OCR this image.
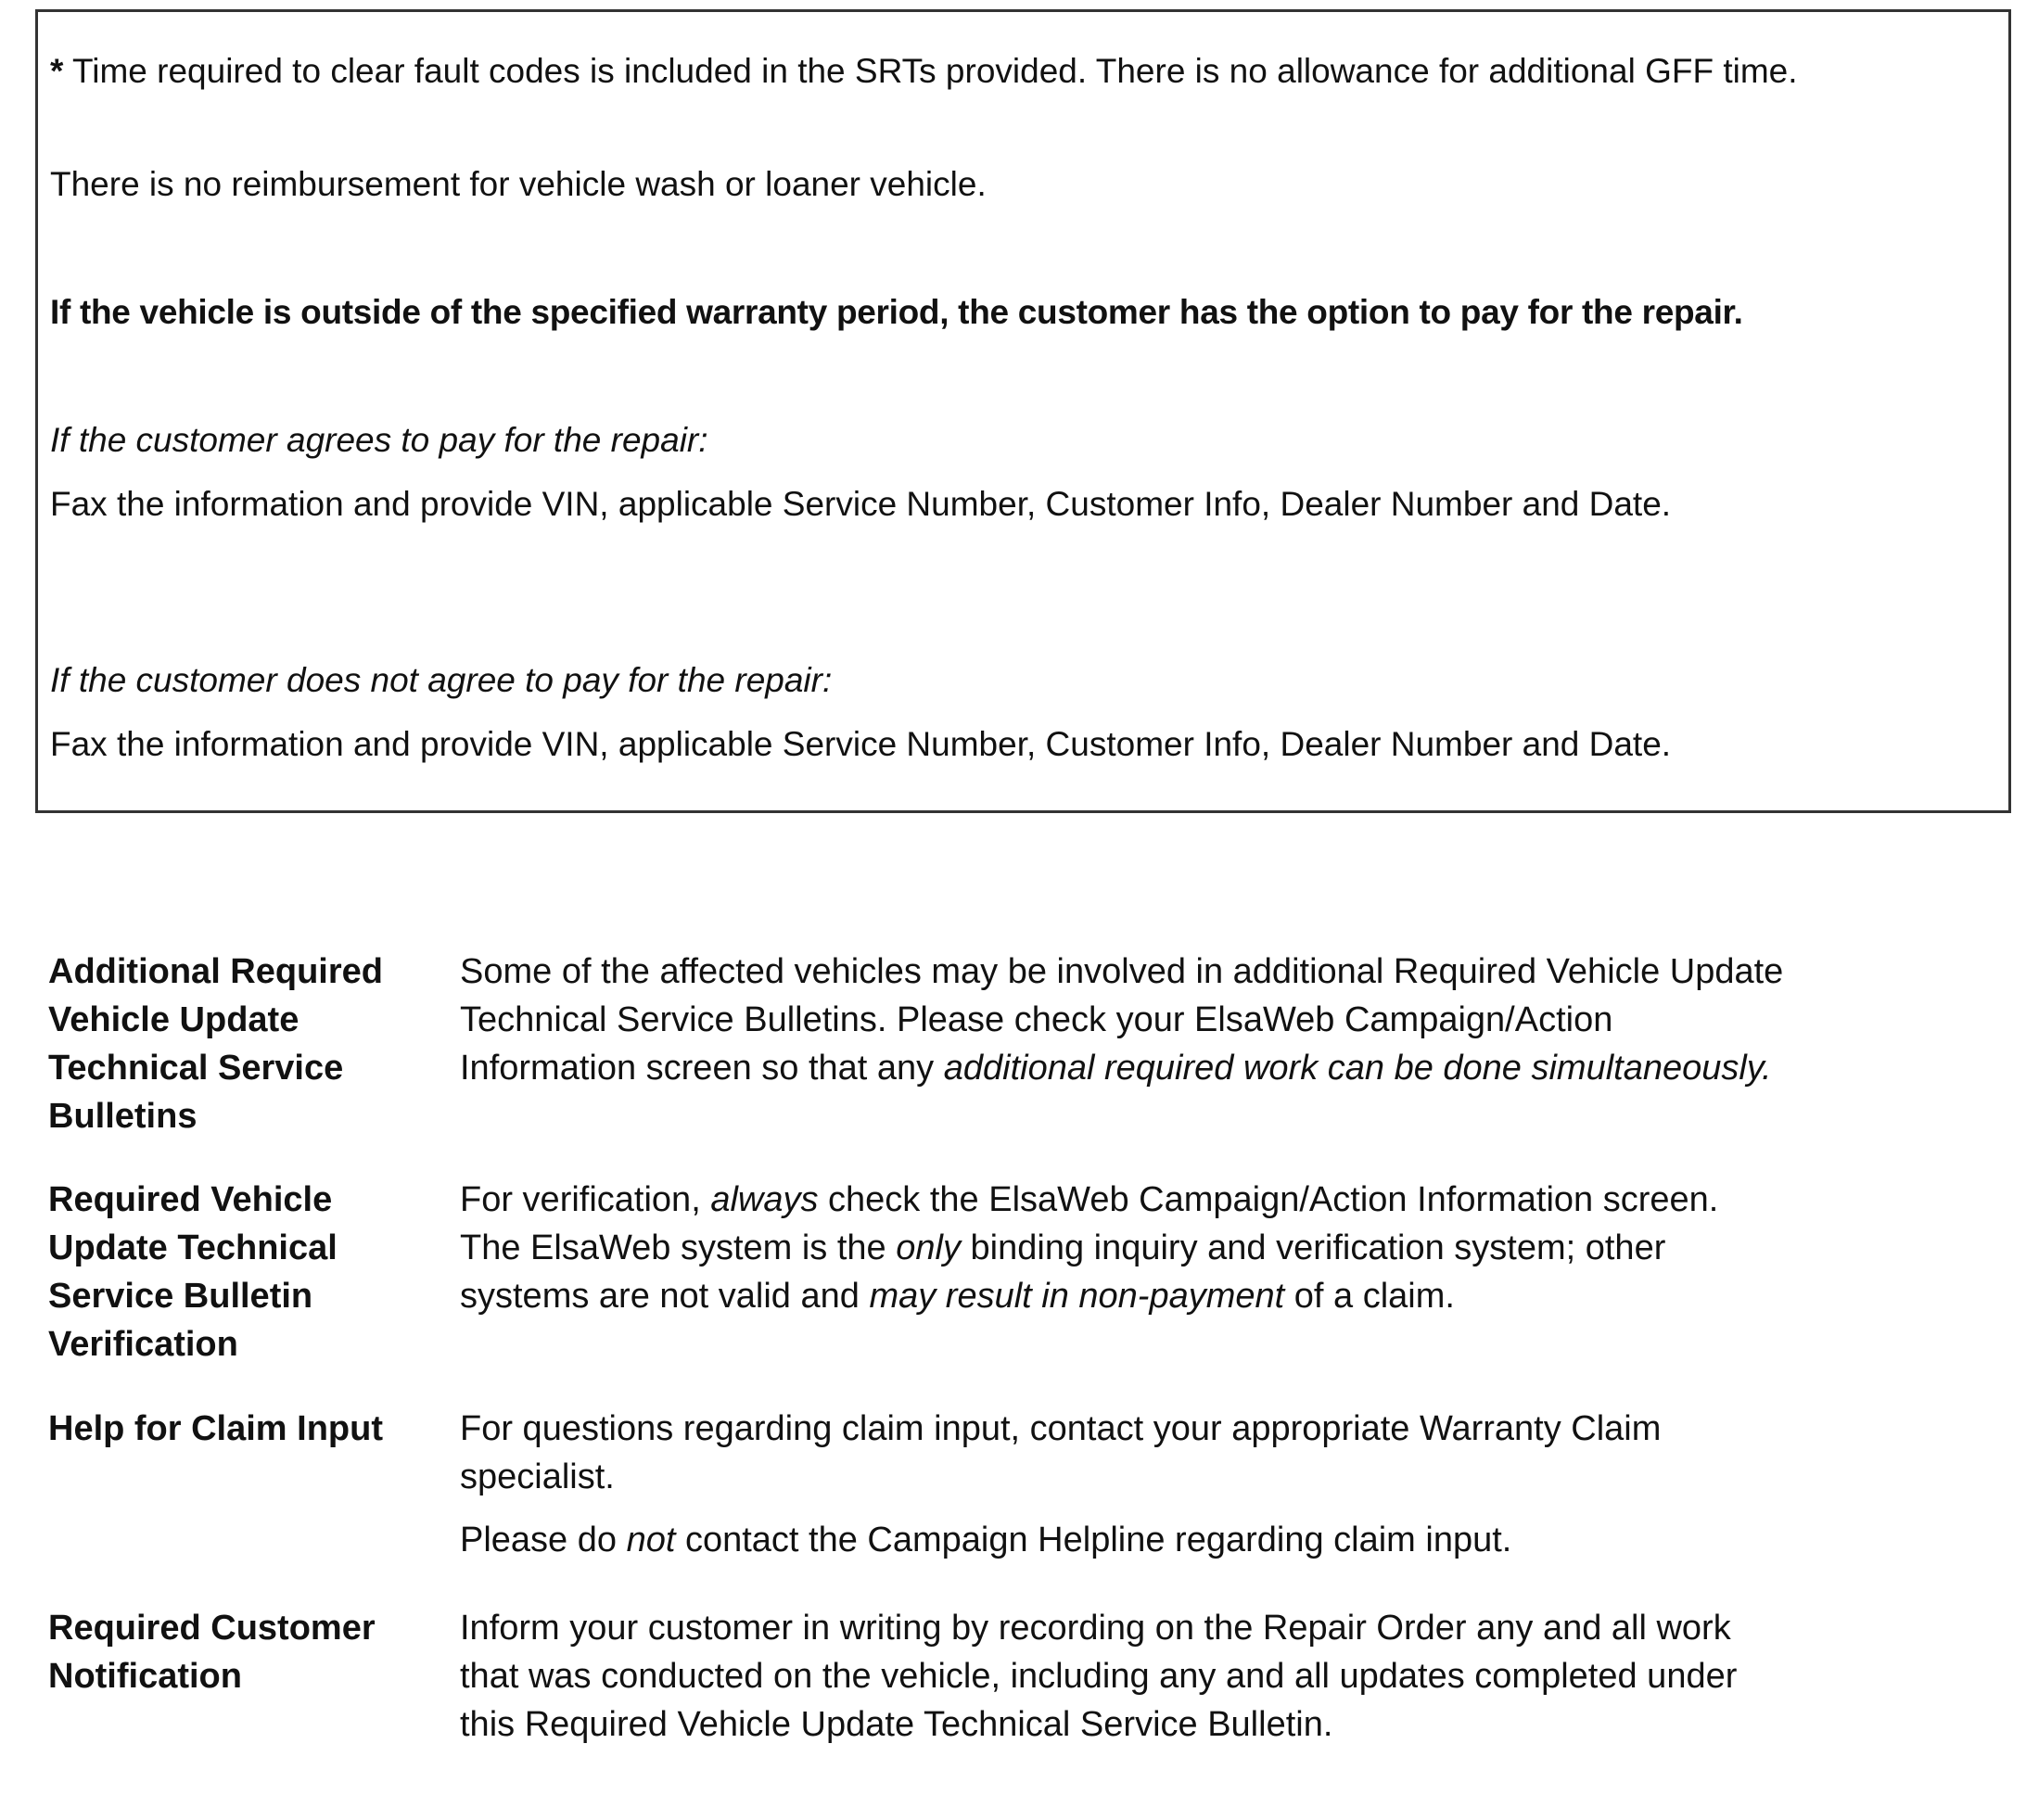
* Time required to clear fault codes is included in the SRTs provided. There is no allowance for additional GFF time.

There is no reimbursement for vehicle wash or loaner vehicle.

If the vehicle is outside of the specified warranty period, the customer has the option to pay for the repair.

If the customer agrees to pay for the repair:

Fax the information and provide VIN, applicable Service Number, Customer Info, Dealer Number and Date.

If the customer does not agree to pay for the repair:

Fax the information and provide VIN, applicable Service Number, Customer Info, Dealer Number and Date.

Additional Required
Vehicle Update
Technical Service
Bulletins

Some of the affected vehicles may be involved in additional Required Vehicle Update Technical Service Bulletins. Please check your ElsaWeb Campaign/Action Information screen so that any additional required work can be done simultaneously.

Required Vehicle
Update Technical
Service Bulletin
Verification

For verification, always check the ElsaWeb Campaign/Action Information screen. The ElsaWeb system is the only binding inquiry and verification system; other systems are not valid and may result in non-payment of a claim.

Help for Claim Input	For questions regarding claim input, contact your appropriate Warranty Claim specialist.

Please do not contact the Campaign Helpline regarding claim input.

Required Customer
Notification

Inform your customer in writing by recording on the Repair Order any and all work that was conducted on the vehicle, including any and all updates completed under this Required Vehicle Update Technical Service Bulletin.
